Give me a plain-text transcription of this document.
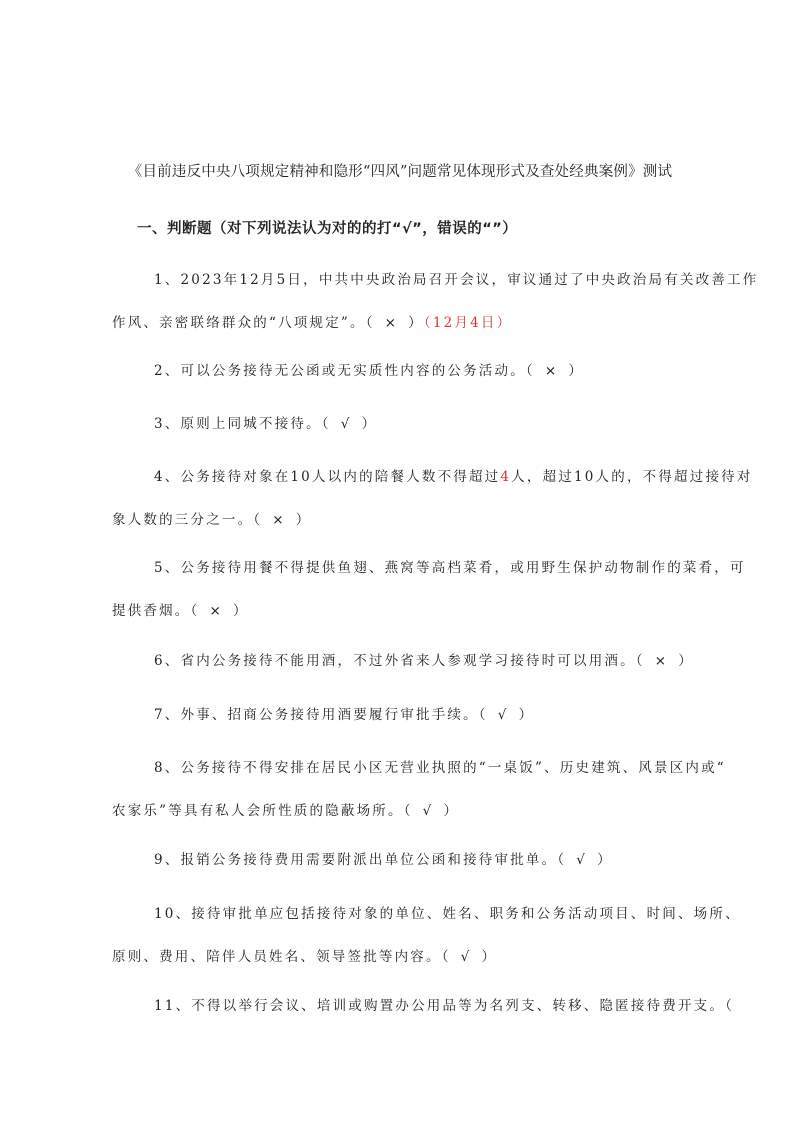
《目前违反中央八项规定精神和隐形“四风”问题常见体现形式及查处经典案例》测试
一、判断题（对下列说法认为对的的打“√”，错误的“”）
1、2023年12月5日，中共中央政治局召开会议，审议通过了中央政治局有关改善工作
作风、亲密联络群众的“八项规定”。（ × ）（12月4日）
2、可以公务接待无公函或无实质性内容的公务活动。（ × ）
3、原则上同城不接待。（ √ ）
4、公务接待对象在10人以内的陪餐人数不得超过4人，超过10人的，不得超过接待对
象人数的三分之一。（ × ）
5、公务接待用餐不得提供鱼翅、燕窝等高档菜肴，或用野生保护动物制作的菜肴，可
提供香烟。（ × ）
6、省内公务接待不能用酒，不过外省来人参观学习接待时可以用酒。（ × ）
7、外事、招商公务接待用酒要履行审批手续。（ √ ）
8、公务接待不得安排在居民小区无营业执照的“一桌饭”、历史建筑、风景区内或“
农家乐”等具有私人会所性质的隐蔽场所。（ √ ）
9、报销公务接待费用需要附派出单位公函和接待审批单。（ √ ）
10、接待审批单应包括接待对象的单位、姓名、职务和公务活动项目、时间、场所、
原则、费用、陪伴人员姓名、领导签批等内容。（ √ ）
11、不得以举行会议、培训或购置办公用品等为名列支、转移、隐匿接待费开支。（
